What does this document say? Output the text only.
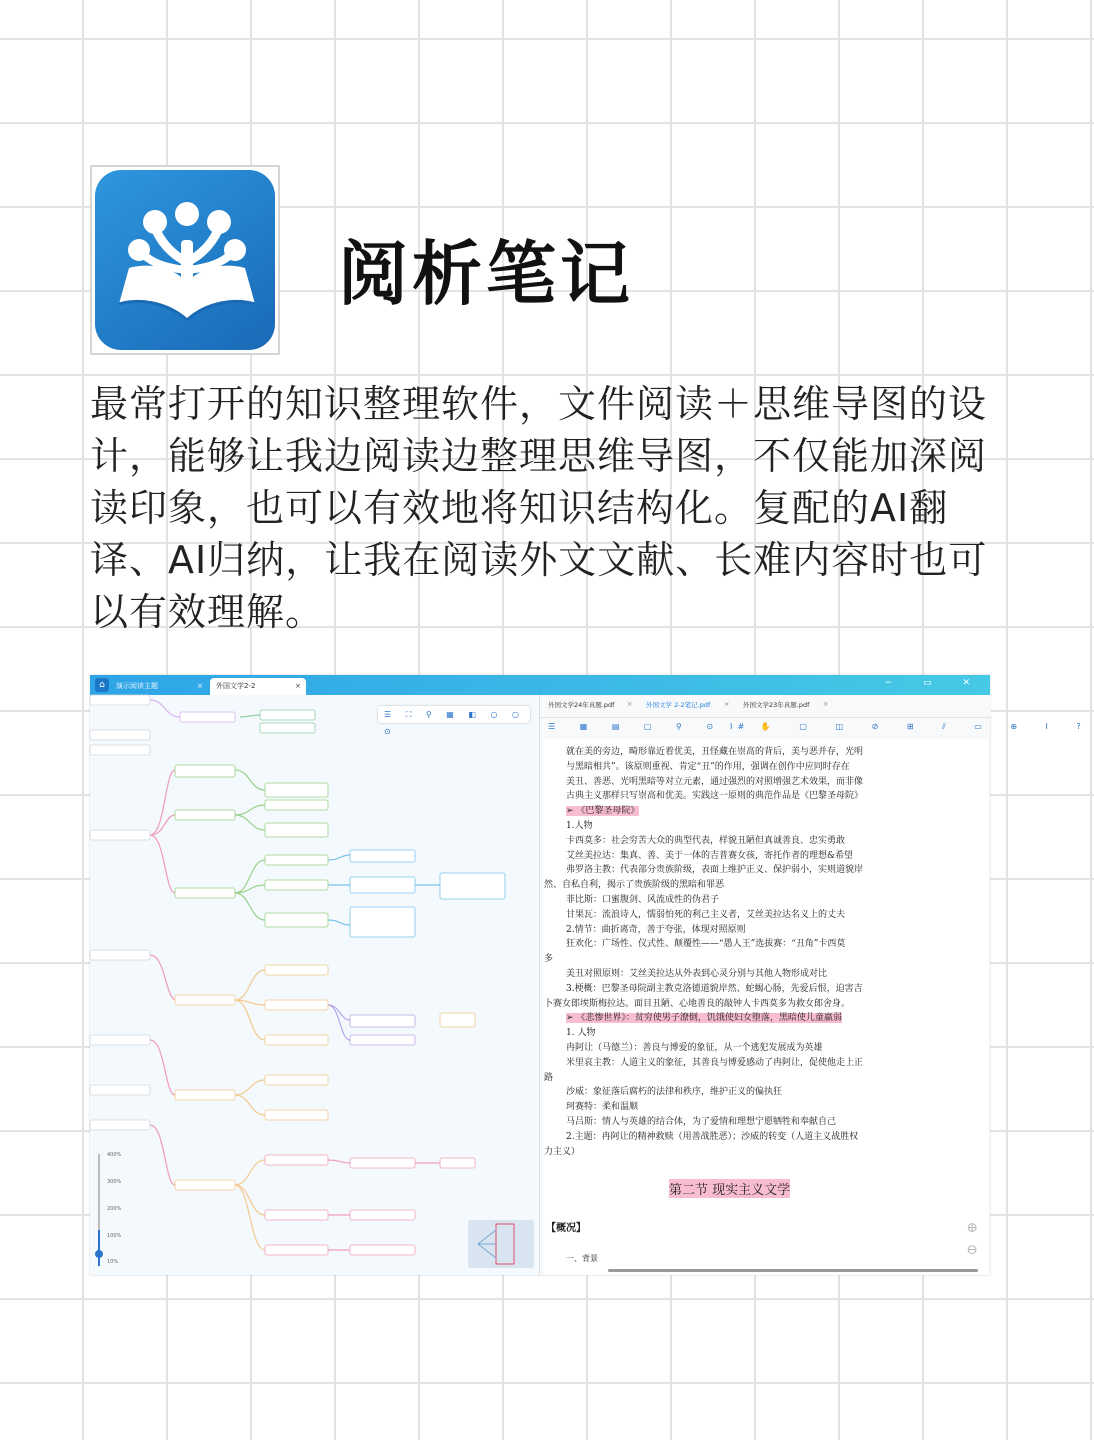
阅析笔记
最常打开的知识整理软件，文件阅读＋思维导图的设计，能够让我边阅读边整理思维导图，不仅能加深阅读印象，也可以有效地将知识结构化。复配的AI翻译、AI归纳，让我在阅读外文文献、长难内容时也可以有效理解。
⌂	演示阅读主题	×	外国文学2-2	×	− ▭ ✕
☰ ⛶ ⚲ ▦ ◧ ○ ○ ⊙
400%
300%
200%
100%
10%
外国文学24年真题.pdf × 外国文学 2-2笔记.pdf × 外国文学23年真题.pdf ×
☰ ▦ ▤ ▢ ⚲ ⊙ #
I ✋ ▢ ◫ ⊘ ⊞ ⫽ ▭ ⊕ I ?
就在美的旁边，畸形靠近着优美，丑怪藏在崇高的背后，美与恶并存，光明
与黑暗相共”。该原则重视、肯定“丑”的作用，强调在创作中应同时存在
美丑、善恶、光明黑暗等对立元素，通过强烈的对照增强艺术效果，而非像
古典主义那样只写崇高和优美。实践这一原则的典范作品是《巴黎圣母院》
➢ 《巴黎圣母院》
1.人物
卡西莫多：社会穷苦大众的典型代表，样貌丑陋但真诚善良、忠实勇敢
艾丝美拉达：集真、善、美于一体的吉普赛女孩，寄托作者的理想&希望
弗罗洛主教：代表部分贵族阶级，表面上维护正义、保护弱小，实则道貌岸
然、自私自利，揭示了贵族阶级的黑暗和罪恶
菲比斯：口蜜腹剑、风流成性的伪君子
甘果瓦：流浪诗人，懦弱怕死的利己主义者，艾丝美拉达名义上的丈夫
2.情节：曲折离奇，善于夸张，体现对照原则
狂欢化：广场性、仪式性、颠覆性——“愚人王”选拔赛：“丑角”卡西莫
多
美丑对照原则：艾丝美拉达从外表到心灵分别与其他人物形成对比
3.梗概：巴黎圣母院副主教克洛德道貌岸然、蛇蝎心肠，先爱后恨，迫害吉
卜赛女郎埃斯梅拉达。面目丑陋、心地善良的敲钟人卡西莫多为救女郎舍身。
➢ 《悲惨世界》：贫穷使男子潦倒，饥饿使妇女堕落，黑暗使儿童羸弱
1. 人物
冉阿让（马德兰）：善良与博爱的象征，从一个逃犯发展成为英雄
米里哀主教：人道主义的象征，其善良与博爱感动了冉阿让，促使他走上正
路
沙威：象征落后腐朽的法律和秩序，维护正义的偏执狂
珂赛特：柔和温顺
马吕斯：情人与英雄的结合体，为了爱情和理想宁愿牺牲和奉献自己
2.主题：冉阿让的精神救赎（用善战胜恶）；沙威的转变（人道主义战胜权
力主义）
第二节 现实主义文学
【概况】
一、背景
⊕
⊖
